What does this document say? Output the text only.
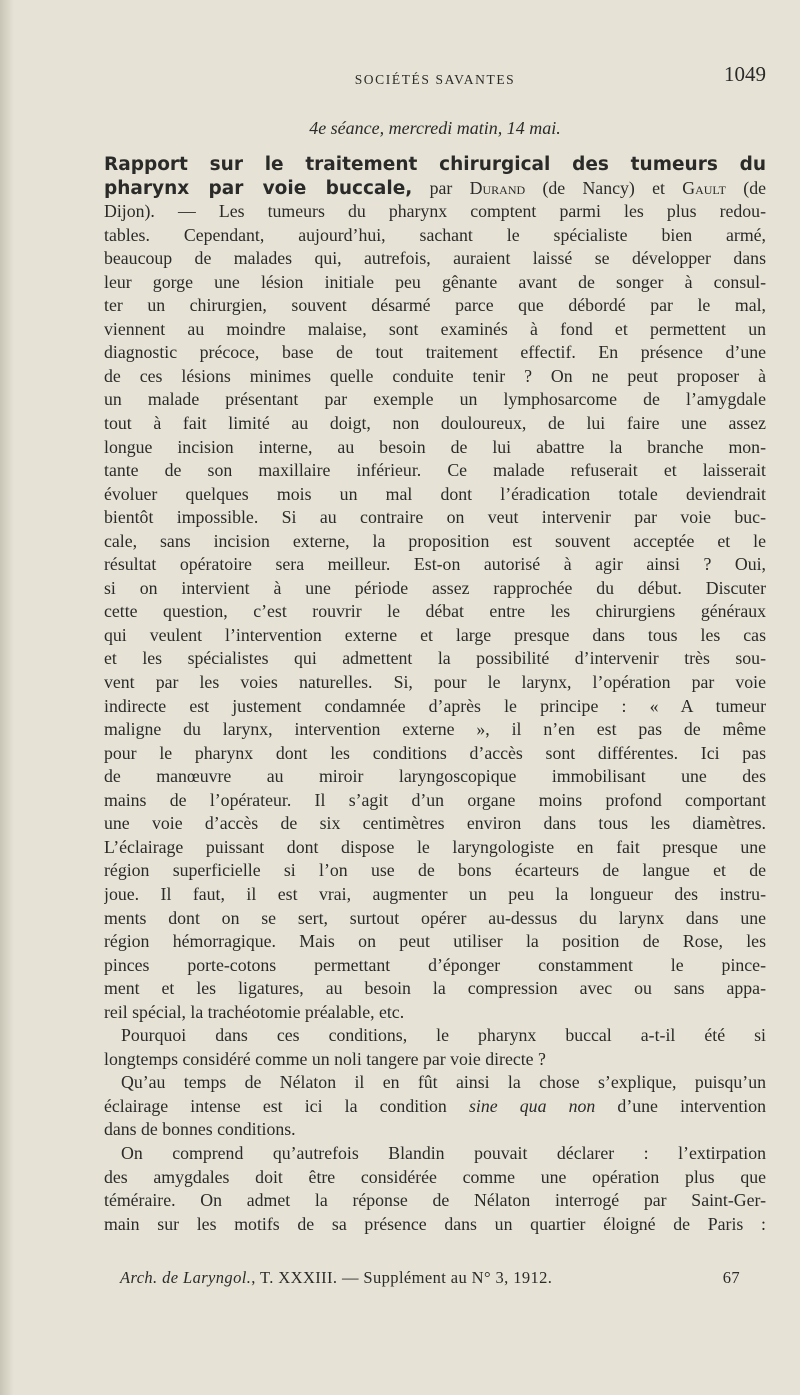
SOCIÉTÉS SAVANTES	1049
4e séance, mercredi matin, 14 mai.
Rapport sur le traitement chirurgical des tumeurs du
pharynx par voie buccale, par Durand (de Nancy) et Gault (de
Dijon). — Les tumeurs du pharynx comptent parmi les plus redou-
tables. Cependant, aujourd’hui, sachant le spécialiste bien armé,
beaucoup de malades qui, autrefois, auraient laissé se développer dans
leur gorge une lésion initiale peu gênante avant de songer à consul-
ter un chirurgien, souvent désarmé parce que débordé par le mal,
viennent au moindre malaise, sont examinés à fond et permettent un
diagnostic précoce, base de tout traitement effectif. En présence d’une
de ces lésions minimes quelle conduite tenir ? On ne peut proposer à
un malade présentant par exemple un lymphosarcome de l’amygdale
tout à fait limité au doigt, non douloureux, de lui faire une assez
longue incision interne, au besoin de lui abattre la branche mon-
tante de son maxillaire inférieur. Ce malade refuserait et laisserait
évoluer quelques mois un mal dont l’éradication totale deviendrait
bientôt impossible. Si au contraire on veut intervenir par voie buc-
cale, sans incision externe, la proposition est souvent acceptée et le
résultat opératoire sera meilleur. Est-on autorisé à agir ainsi ? Oui,
si on intervient à une période assez rapprochée du début. Discuter
cette question, c’est rouvrir le débat entre les chirurgiens généraux
qui veulent l’intervention externe et large presque dans tous les cas
et les spécialistes qui admettent la possibilité d’intervenir très sou-
vent par les voies naturelles. Si, pour le larynx, l’opération par voie
indirecte est justement condamnée d’après le principe : « A tumeur
maligne du larynx, intervention externe », il n’en est pas de même
pour le pharynx dont les conditions d’accès sont différentes. Ici pas
de manœuvre au miroir laryngoscopique immobilisant une des
mains de l’opérateur. Il s’agit d’un organe moins profond comportant
une voie d’accès de six centimètres environ dans tous les diamètres.
L’éclairage puissant dont dispose le laryngologiste en fait presque une
région superficielle si l’on use de bons écarteurs de langue et de
joue. Il faut, il est vrai, augmenter un peu la longueur des instru-
ments dont on se sert, surtout opérer au-dessus du larynx dans une
région hémorragique. Mais on peut utiliser la position de Rose, les
pinces porte-cotons permettant d’éponger constamment le pince-
ment et les ligatures, au besoin la compression avec ou sans appa-
reil spécial, la trachéotomie préalable, etc.
Pourquoi dans ces conditions, le pharynx buccal a-t-il été si
longtemps considéré comme un noli tangere par voie directe ?
Qu’au temps de Nélaton il en fût ainsi la chose s’explique, puisqu’un
éclairage intense est ici la condition sine qua non d’une intervention
dans de bonnes conditions.
On comprend qu’autrefois Blandin pouvait déclarer : l’extirpation
des amygdales doit être considérée comme une opération plus que
téméraire. On admet la réponse de Nélaton interrogé par Saint-Ger-
main sur les motifs de sa présence dans un quartier éloigné de Paris :
Arch. de Laryngol., T. XXXIII. — Supplément au N° 3, 1912.	67
